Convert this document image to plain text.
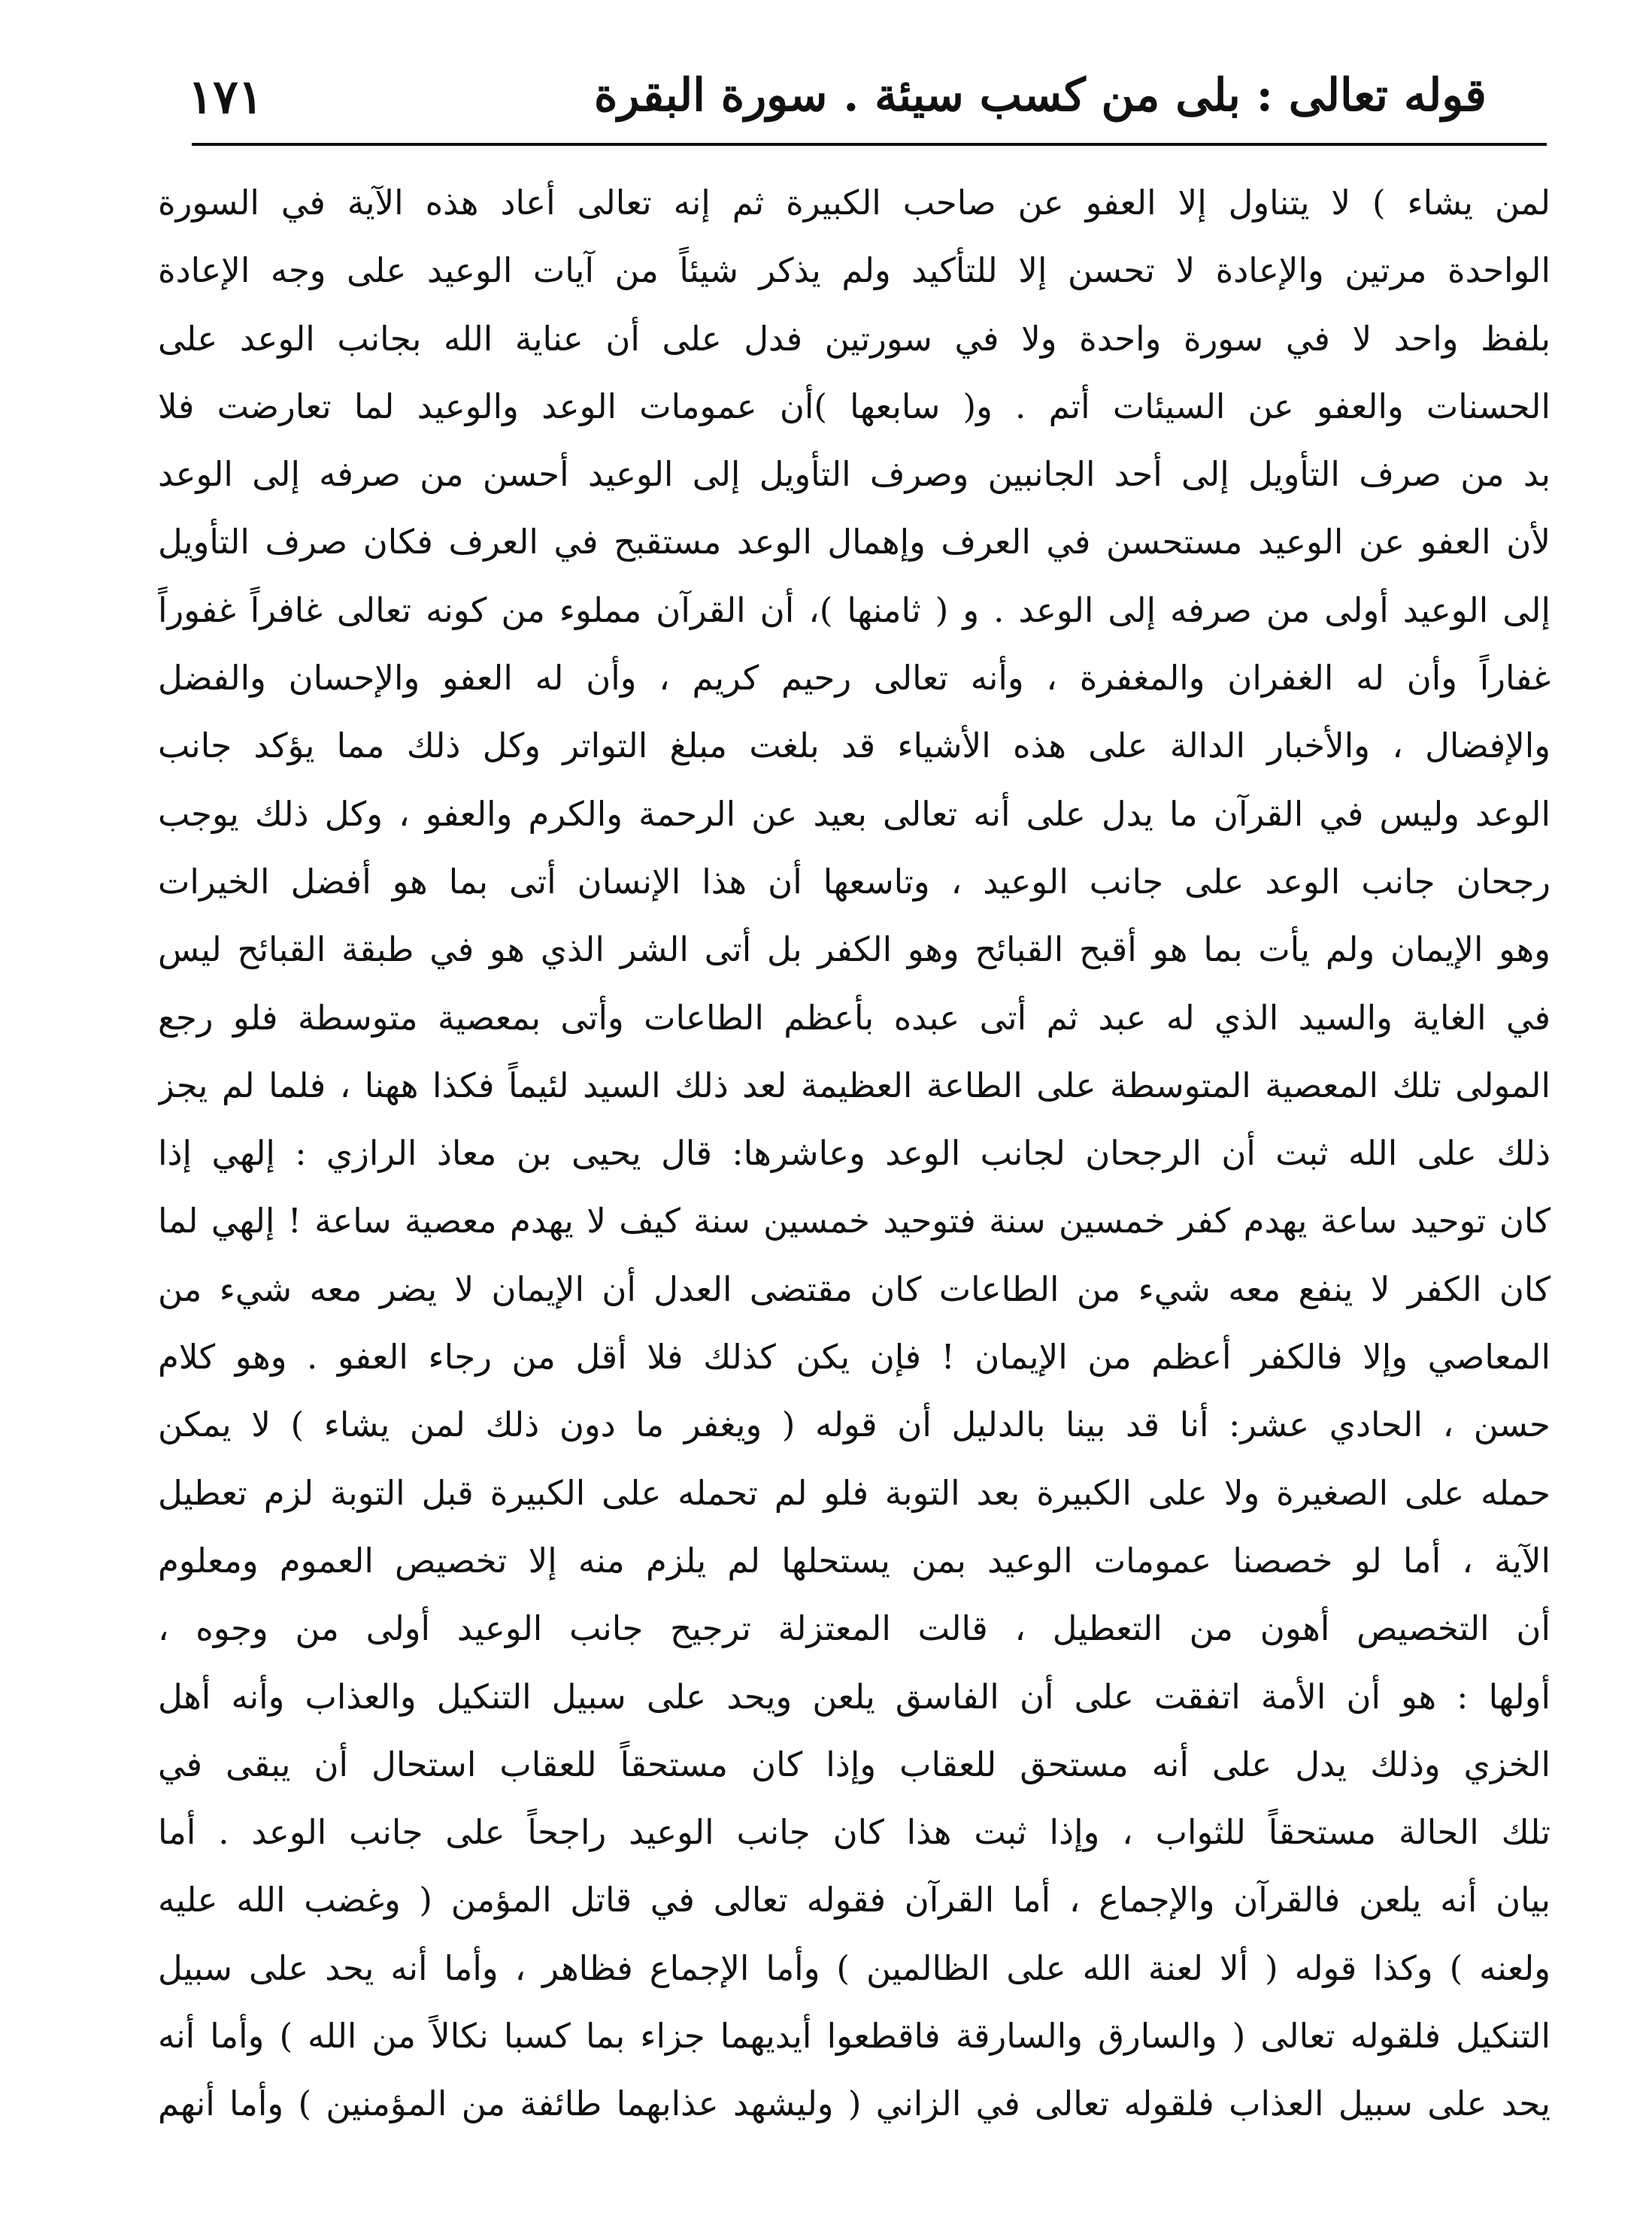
قوله تعالى : بلى من كسب سيئة . سورة البقرة
١٧١
لمن يشاء ) لا يتناول إلا العفو عن صاحب الكبيرة ثم إنه تعالى أعاد هذه الآية في السورة
الواحدة مرتين والإعادة لا تحسن إلا للتأكيد ولم يذكر شيئاً من آيات الوعيد على وجه الإعادة
بلفظ واحد لا في سورة واحدة ولا في سورتين فدل على أن عناية الله بجانب الوعد على
الحسنات والعفو عن السيئات أتم . و( سابعها )أن عمومات الوعد والوعيد لما تعارضت فلا
بد من صرف التأويل إلى أحد الجانبين وصرف التأويل إلى الوعيد أحسن من صرفه إلى الوعد
لأن العفو عن الوعيد مستحسن في العرف وإهمال الوعد مستقبح في العرف فكان صرف التأويل
إلى الوعيد أولى من صرفه إلى الوعد . و ( ثامنها )، أن القرآن مملوء من كونه تعالى غافراً غفوراً
غفاراً وأن له الغفران والمغفرة ، وأنه تعالى رحيم كريم ، وأن له العفو والإحسان والفضل
والإفضال ، والأخبار الدالة على هذه الأشياء قد بلغت مبلغ التواتر وكل ذلك مما يؤكد جانب
الوعد وليس في القرآن ما يدل على أنه تعالى بعيد عن الرحمة والكرم والعفو ، وكل ذلك يوجب
رجحان جانب الوعد على جانب الوعيد ، وتاسعها أن هذا الإنسان أتى بما هو أفضل الخيرات
وهو الإيمان ولم يأت بما هو أقبح القبائح وهو الكفر بل أتى الشر الذي هو في طبقة القبائح ليس
في الغاية والسيد الذي له عبد ثم أتى عبده بأعظم الطاعات وأتى بمعصية متوسطة فلو رجع
المولى تلك المعصية المتوسطة على الطاعة العظيمة لعد ذلك السيد لئيماً فكذا ههنا ، فلما لم يجز
ذلك على الله ثبت أن الرجحان لجانب الوعد وعاشرها: قال يحيى بن معاذ الرازي : إلهي إذا
كان توحيد ساعة يهدم كفر خمسين سنة فتوحيد خمسين سنة كيف لا يهدم معصية ساعة ! إلهي لما
كان الكفر لا ينفع معه شيء من الطاعات كان مقتضى العدل أن الإيمان لا يضر معه شيء من
المعاصي وإلا فالكفر أعظم من الإيمان ! فإن يكن كذلك فلا أقل من رجاء العفو . وهو كلام
حسن ، الحادي عشر: أنا قد بينا بالدليل أن قوله ( ويغفر ما دون ذلك لمن يشاء ) لا يمكن
حمله على الصغيرة ولا على الكبيرة بعد التوبة فلو لم تحمله على الكبيرة قبل التوبة لزم تعطيل
الآية ، أما لو خصصنا عمومات الوعيد بمن يستحلها لم يلزم منه إلا تخصيص العموم ومعلوم
أن التخصيص أهون من التعطيل ، قالت المعتزلة ترجيح جانب الوعيد أولى من وجوه ،
أولها : هو أن الأمة اتفقت على أن الفاسق يلعن ويحد على سبيل التنكيل والعذاب وأنه أهل
الخزي وذلك يدل على أنه مستحق للعقاب وإذا كان مستحقاً للعقاب استحال أن يبقى في
تلك الحالة مستحقاً للثواب ، وإذا ثبت هذا كان جانب الوعيد راجحاً على جانب الوعد . أما
بيان أنه يلعن فالقرآن والإجماع ، أما القرآن فقوله تعالى في قاتل المؤمن ( وغضب الله عليه
ولعنه ) وكذا قوله ( ألا لعنة الله على الظالمين ) وأما الإجماع فظاهر ، وأما أنه يحد على سبيل
التنكيل فلقوله تعالى ( والسارق والسارقة فاقطعوا أيديهما جزاء بما كسبا نكالاً من الله ) وأما أنه
يحد على سبيل العذاب فلقوله تعالى في الزاني ( وليشهد عذابهما طائفة من المؤمنين ) وأما أنهم
